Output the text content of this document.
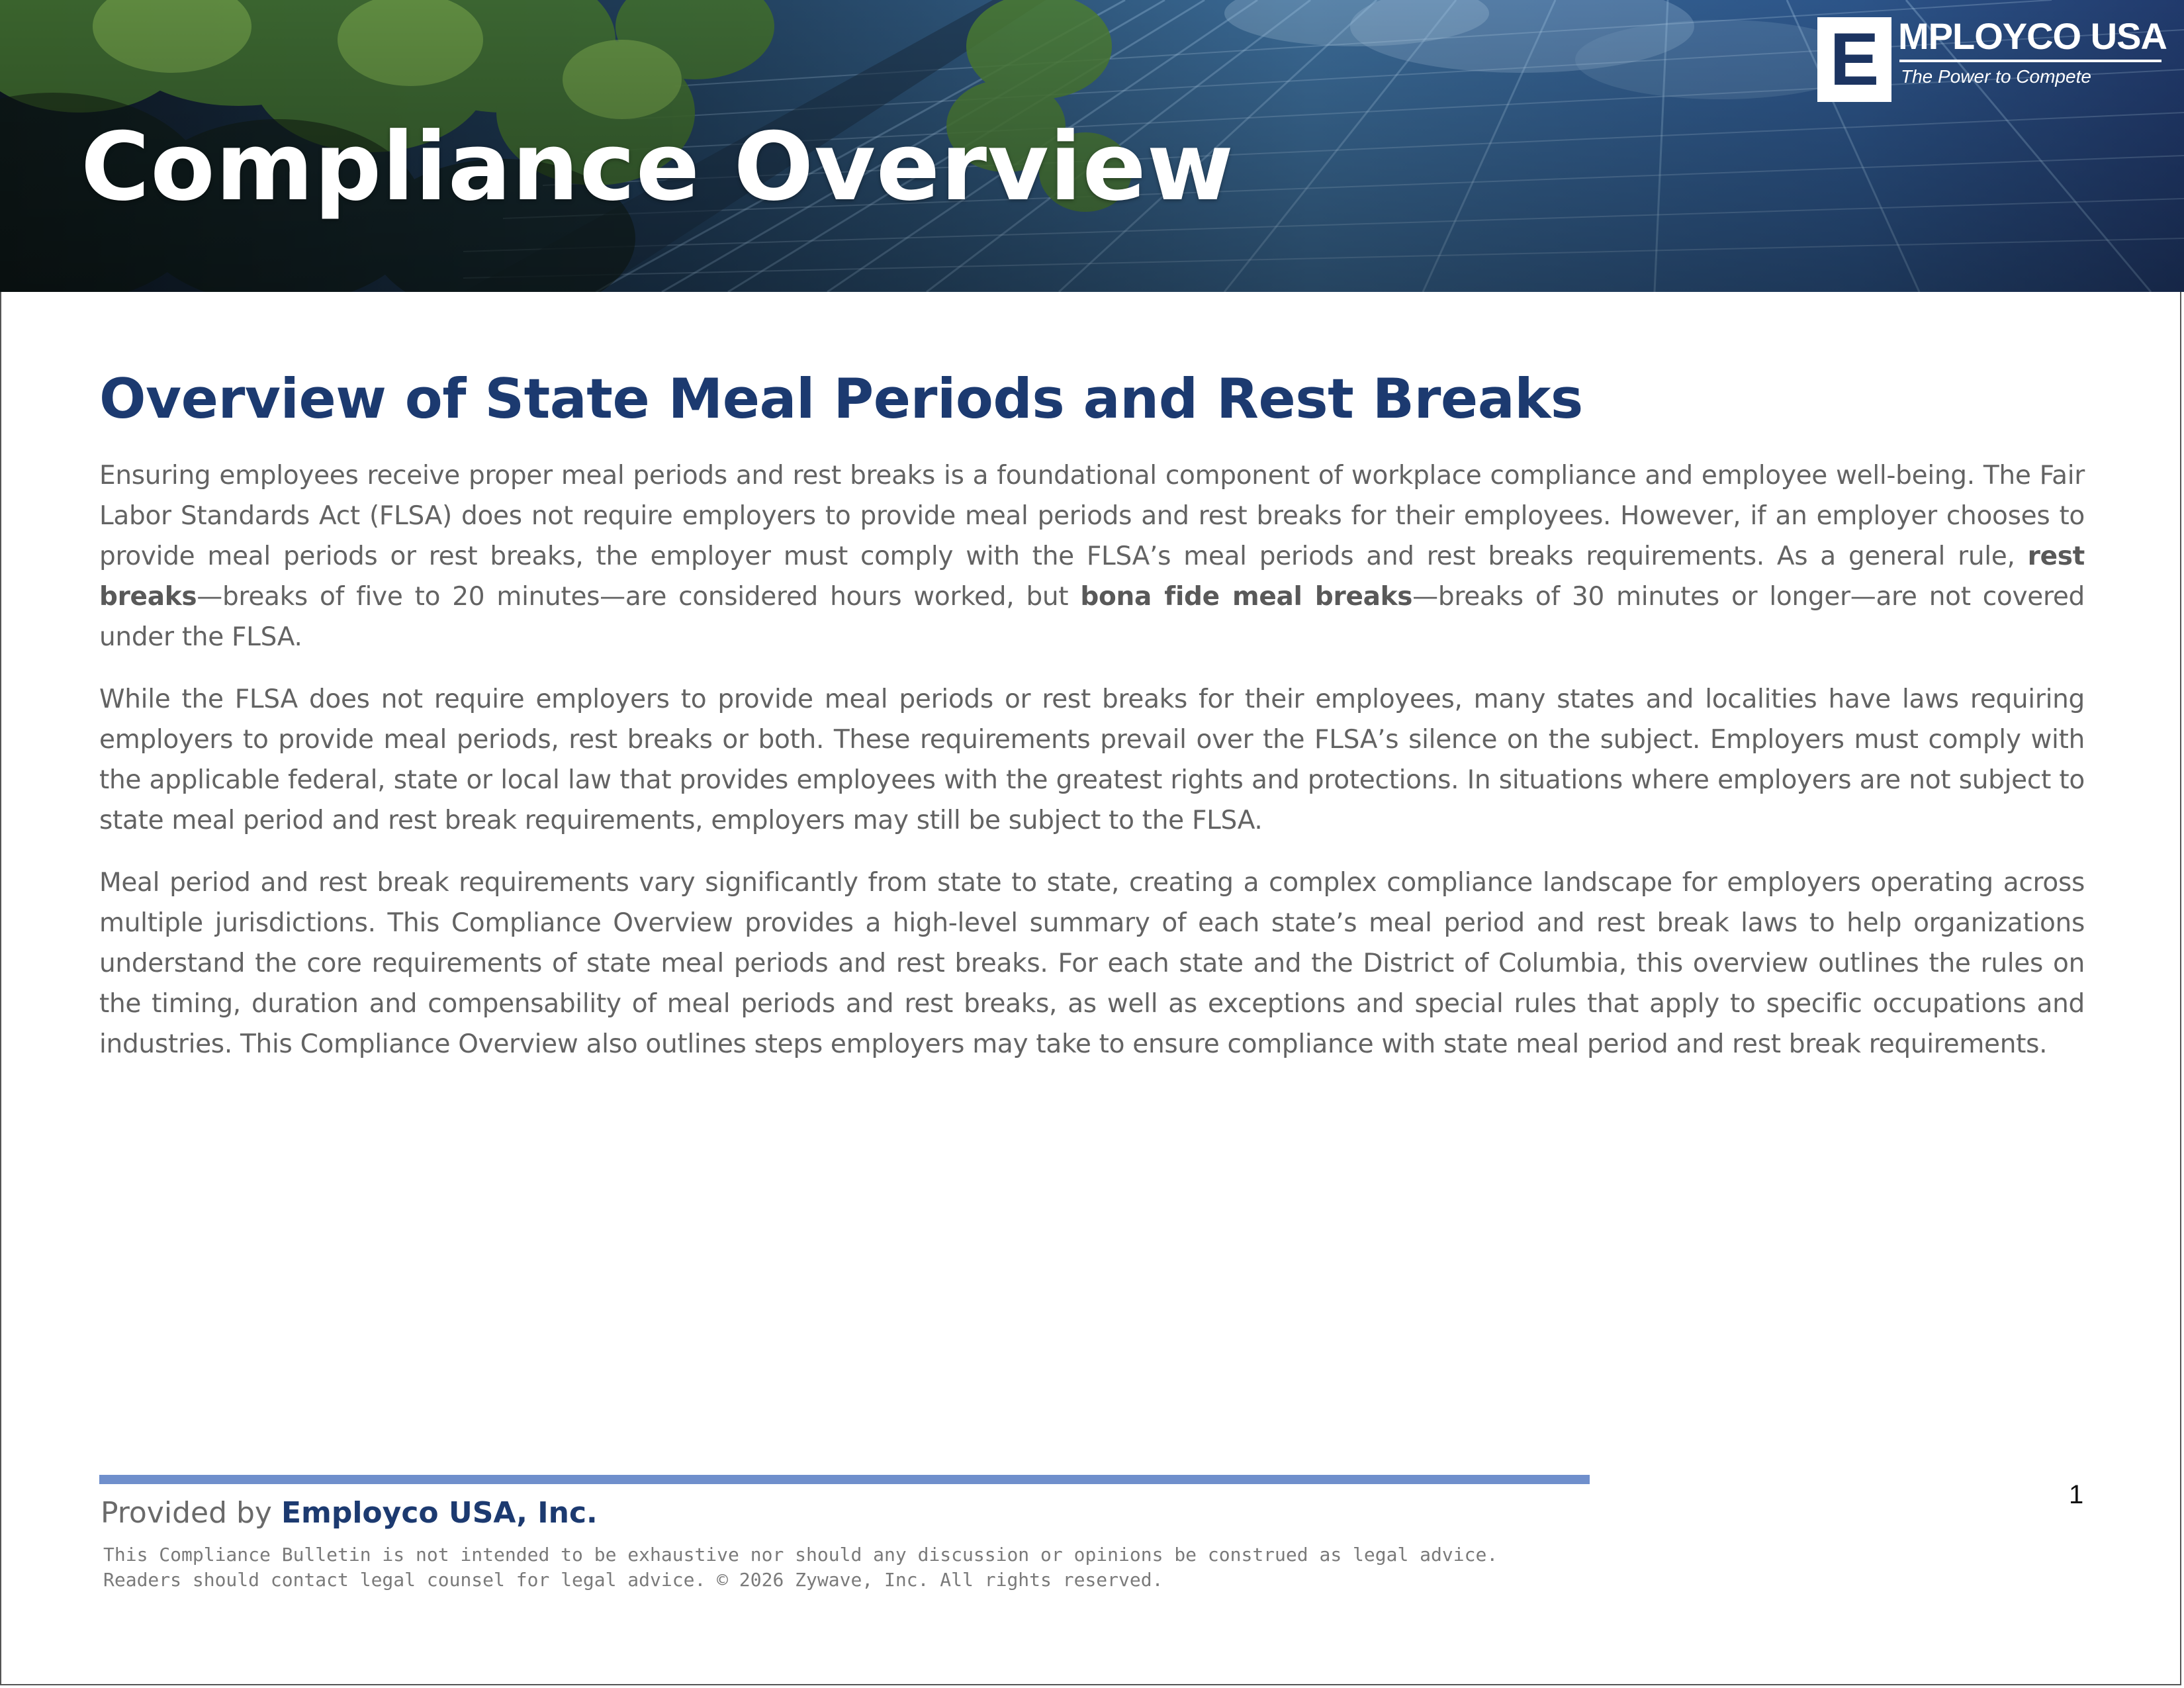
Compliance Overview
E MPLOYCO USA
The Power to Compete
Overview of State Meal Periods and Rest Breaks

Ensuring employees receive proper meal periods and rest breaks is a foundational component of workplace compliance and employee well-being. The Fair Labor Standards Act (FLSA) does not require employers to provide meal periods and rest breaks for their employees. However, if an employer chooses to provide meal periods or rest breaks, the employer must comply with the FLSA’s meal periods and rest breaks requirements. As a general rule, rest breaks—breaks of five to 20 minutes—are considered hours worked, but bona fide meal breaks—breaks of 30 minutes or longer—are not covered under the FLSA.

While the FLSA does not require employers to provide meal periods or rest breaks for their employees, many states and localities have laws requiring employers to provide meal periods, rest breaks or both. These requirements prevail over the FLSA’s silence on the subject. Employers must comply with the applicable federal, state or local law that provides employees with the greatest rights and protections. In situations where employers are not subject to state meal period and rest break requirements, employers may still be subject to the FLSA.

Meal period and rest break requirements vary significantly from state to state, creating a complex compliance landscape for employers operating across multiple jurisdictions. This Compliance Overview provides a high-level summary of each state’s meal period and rest break laws to help organizations understand the core requirements of state meal periods and rest breaks. For each state and the District of Columbia, this overview outlines the rules on the timing, duration and compensability of meal periods and rest breaks, as well as exceptions and special rules that apply to specific occupations and industries. This Compliance Overview also outlines steps employers may take to ensure compliance with state meal period and rest break requirements.

Provided by Employco USA, Inc.
This Compliance Bulletin is not intended to be exhaustive nor should any discussion or opinions be construed as legal advice.
Readers should contact legal counsel for legal advice. © 2026 Zywave, Inc. All rights reserved.
1
